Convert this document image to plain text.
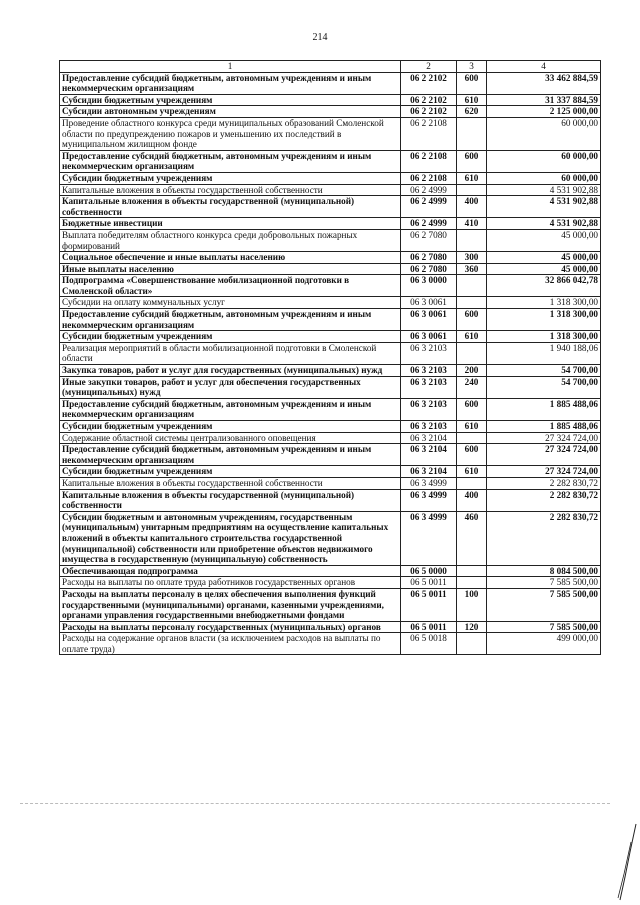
214
1	2	3	4
Предоставление субсидий бюджетным, автономным учреждениям и иным некоммерческим организациям	06 2 2102	600	33 462 884,59
Субсидии бюджетным учреждениям	06 2 2102	610	31 337 884,59
Субсидии автономным учреждениям	06 2 2102	620	2 125 000,00
Проведение областного конкурса среди муниципальных образований Смоленской области по предупреждению пожаров и уменьшению их последствий в муниципальном жилищном фонде	06 2 2108		60 000,00
Предоставление субсидий бюджетным, автономным учреждениям и иным некоммерческим организациям	06 2 2108	600	60 000,00
Субсидии бюджетным учреждениям	06 2 2108	610	60 000,00
Капитальные вложения в объекты государственной собственности	06 2 4999		4 531 902,88
Капитальные вложения в объекты государственной (муниципальной) собственности	06 2 4999	400	4 531 902,88
Бюджетные инвестиции	06 2 4999	410	4 531 902,88
Выплата победителям областного конкурса среди добровольных пожарных формирований	06 2 7080		45 000,00
Социальное обеспечение и иные выплаты населению	06 2 7080	300	45 000,00
Иные выплаты населению	06 2 7080	360	45 000,00
Подпрограмма «Совершенствование мобилизационной подготовки в Смоленской области»	06 3 0000		32 866 042,78
Субсидии на оплату коммунальных услуг	06 3 0061		1 318 300,00
Предоставление субсидий бюджетным, автономным учреждениям и иным некоммерческим организациям	06 3 0061	600	1 318 300,00
Субсидии бюджетным учреждениям	06 3 0061	610	1 318 300,00
Реализация мероприятий в области мобилизационной подготовки в Смоленской области	06 3 2103		1 940 188,06
Закупка товаров, работ и услуг для государственных (муниципальных) нужд	06 3 2103	200	54 700,00
Иные закупки товаров, работ и услуг для обеспечения государственных (муниципальных) нужд	06 3 2103	240	54 700,00
Предоставление субсидий бюджетным, автономным учреждениям и иным некоммерческим организациям	06 3 2103	600	1 885 488,06
Субсидии бюджетным учреждениям	06 3 2103	610	1 885 488,06
Содержание областной системы централизованного оповещения	06 3 2104		27 324 724,00
Предоставление субсидий бюджетным, автономным учреждениям и иным некоммерческим организациям	06 3 2104	600	27 324 724,00
Субсидии бюджетным учреждениям	06 3 2104	610	27 324 724,00
Капитальные вложения в объекты государственной собственности	06 3 4999		2 282 830,72
Капитальные вложения в объекты государственной (муниципальной) собственности	06 3 4999	400	2 282 830,72
Субсидии бюджетным и автономным учреждениям, государственным (муниципальным) унитарным предприятиям на осуществление капитальных вложений в объекты капитального строительства государственной (муниципальной) собственности или приобретение объектов недвижимого имущества в государственную (муниципальную) собственность	06 3 4999	460	2 282 830,72
Обеспечивающая подпрограмма	06 5 0000		8 084 500,00
Расходы на выплаты по оплате труда работников государственных органов	06 5 0011		7 585 500,00
Расходы на выплаты персоналу в целях обеспечения выполнения функций государственными (муниципальными) органами, казенными учреждениями, органами управления государственными внебюджетными фондами	06 5 0011	100	7 585 500,00
Расходы на выплаты персоналу государственных (муниципальных) органов	06 5 0011	120	7 585 500,00
Расходы на содержание органов власти (за исключением расходов на выплаты по оплате труда)	06 5 0018		499 000,00
